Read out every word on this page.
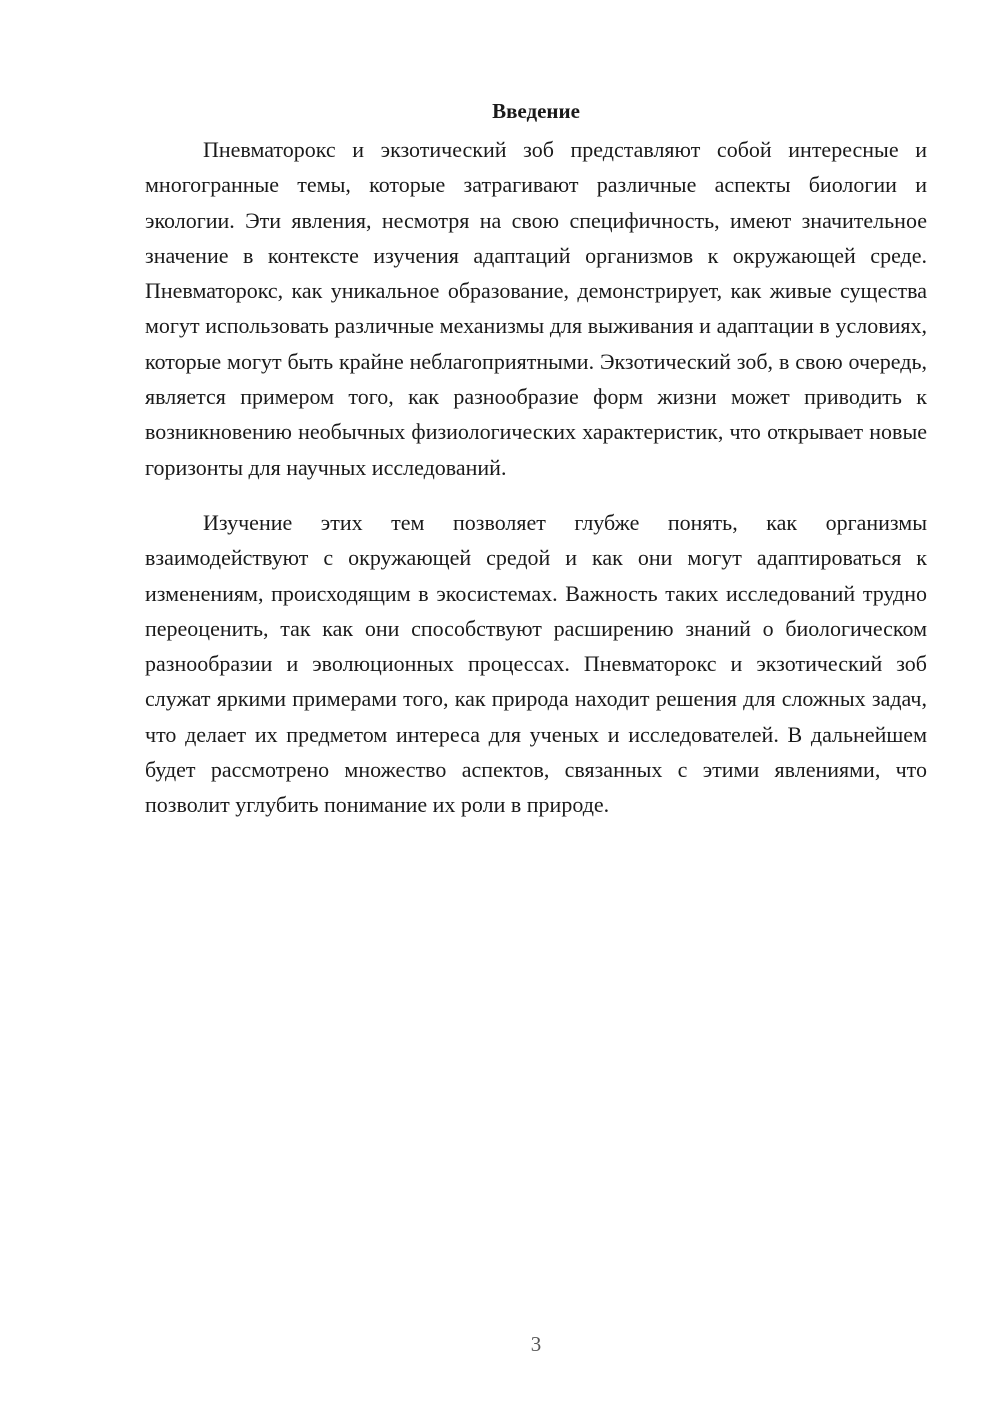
Введение

Пневматорокс и экзотический зоб представляют собой интересные и многогранные темы, которые затрагивают различные аспекты биологии и экологии. Эти явления, несмотря на свою специфичность, имеют значительное значение в контексте изучения адаптаций организмов к окружающей среде. Пневматорокс, как уникальное образование, демонстрирует, как живые существа могут использовать различные механизмы для выживания и адаптации в условиях, которые могут быть крайне неблагоприятными. Экзотический зоб, в свою очередь, является примером того, как разнообразие форм жизни может приводить к возникновению необычных физиологических характеристик, что открывает новые горизонты для научных исследований.

Изучение этих тем позволяет глубже понять, как организмы взаимодействуют с окружающей средой и как они могут адаптироваться к изменениям, происходящим в экосистемах. Важность таких исследований трудно переоценить, так как они способствуют расширению знаний о биологическом разнообразии и эволюционных процессах. Пневматорокс и экзотический зоб служат яркими примерами того, как природа находит решения для сложных задач, что делает их предметом интереса для ученых и исследователей. В дальнейшем будет рассмотрено множество аспектов, связанных с этими явлениями, что позволит углубить понимание их роли в природе.

3
